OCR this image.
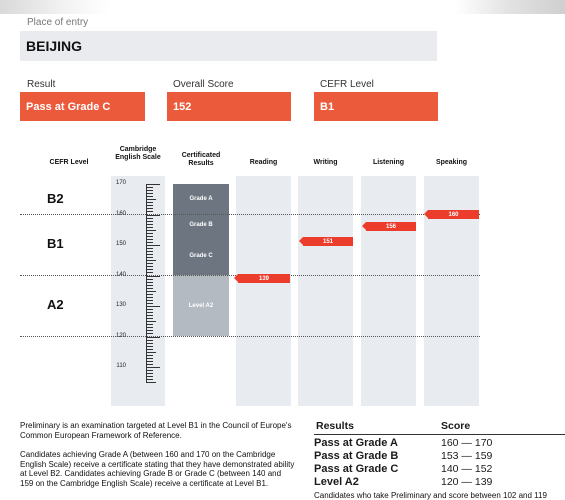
Place of entry
BEIJING
Result
Pass at Grade C
Overall Score
152
CEFR Level
B1
CEFR Level
Cambridge English Scale	Certificated Results	Reading	Writing	Listening	Speaking
170
160
150
140
130
120
110
Grade A
Grade B
Grade C
Level A2
B2
B1
A2
139
151
156
160
Preliminary is an examination targeted at Level B1 in the Council of Europe's Common European Framework of Reference.
Candidates achieving Grade A (between 160 and 170 on the Cambridge English Scale) receive a certificate stating that they have demonstrated ability at Level B2. Candidates achieving Grade B or Grade C (between 140 and 159 on the Cambridge English Scale) receive a certificate at Level B1.
Results	Score
Pass at Grade A	160 — 170
Pass at Grade B	153 — 159
Pass at Grade C	140 — 152
Level A2	120 — 139
Candidates who take Preliminary and score between 102 and 119
